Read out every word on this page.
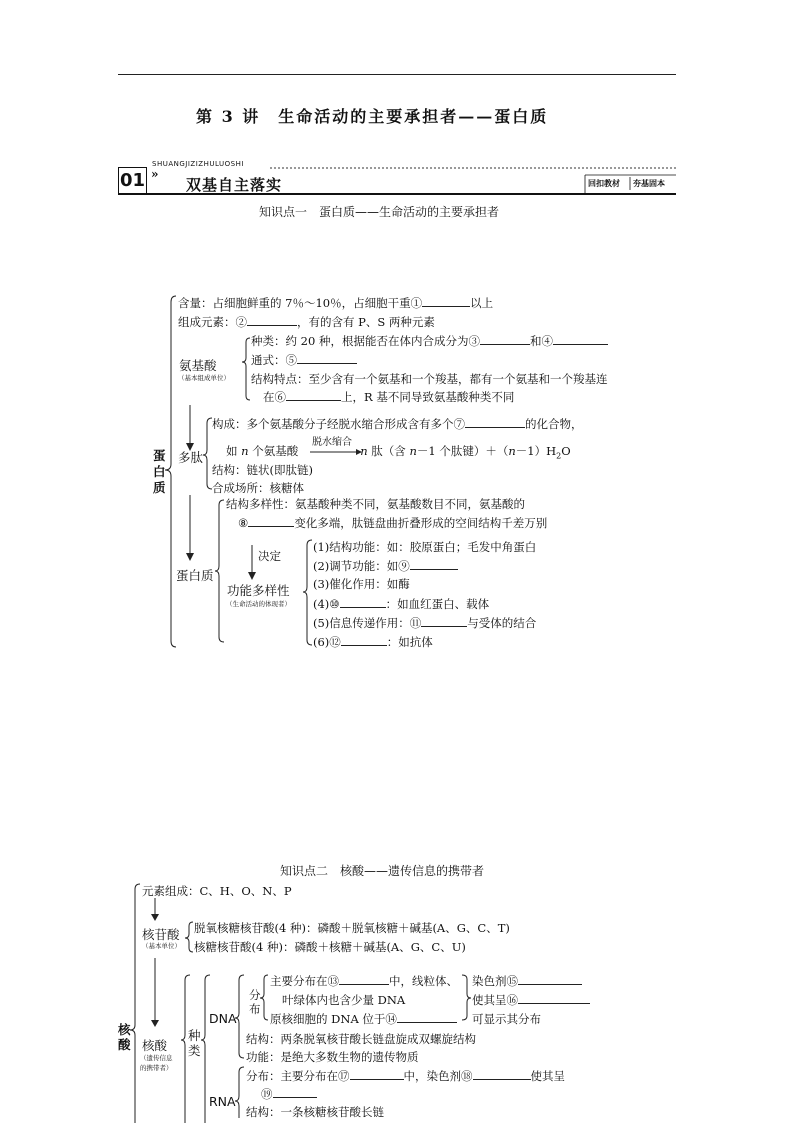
第 3 讲　生命活动的主要承担者——蛋白质
01 »
SHUANGJIZIZHULUOSHI
双基自主落实	回扣教材 夯基固本
知识点一　蛋白质——生命活动的主要承担者
蛋白质
含量：占细胞鲜重的 7％～10％，占细胞干重①	以上
组成元素：②	，有的含有 P、S 两种元素
氨基酸
（基本组成单位）
种类：约 20 种，根据能否在体内合成分为③	和④
通式：⑤
结构特点：至少含有一个氨基和一个羧基，都有一个氨基和一个羧基连
在⑥	上，R 基不同导致氨基酸种类不同
多肽
构成：多个氨基酸分子经脱水缩合形成含有多个⑦	的化合物，
脱水缩合
如 n 个氨基酸	n 肽（含 n－1 个肽键）$+(n-1)H_2O$
结构：链状(即肽链)
合成场所：核糖体
结构多样性：氨基酸种类不同，氨基酸数目不同，氨基酸的
⑧	变化多端，肽链盘曲折叠形成的空间结构千差万别
蛋白质
决定
功能多样性
（生命活动的体现者）
(1)结构功能：如：胶原蛋白；毛发中角蛋白
(2)调节功能：如⑨
(3)催化作用：如酶
(4)⑩	：如血红蛋白、载体
(5)信息传递作用：⑪	与受体的结合
(6)⑫	：如抗体
知识点二　核酸——遗传信息的携带者
核酸
元素组成：C、H、O、N、P
核苷酸
（基本单位）
脱氧核糖核苷酸(4 种)：磷酸＋脱氧核糖＋碱基(A、G、C、T)
核糖核苷酸(4 种)：磷酸＋核糖＋碱基(A、G、C、U)
核酸
（遗传信息
的携带者）
种类
DNA
分布
主要分布在⑬	中，线粒体、
叶绿体内也含少量 DNA
原核细胞的 DNA 位于⑭
染色剂⑮
使其呈⑯
可显示其分布
结构：两条脱氧核苷酸长链盘旋成双螺旋结构
功能：是绝大多数生物的遗传物质
RNA
分布：主要分布在⑰	中，染色剂⑱	使其呈
⑲
结构：一条核糖核苷酸长链
